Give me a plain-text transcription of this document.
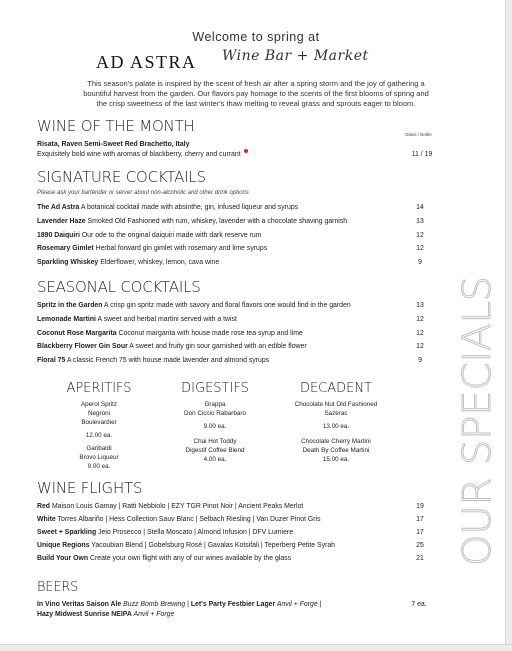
Welcome to spring at
AD ASTRA Wine Bar + Market
This season's palate is inspired by the scent of fresh air after a spring storm and the joy of gathering a
bountiful harvest from the garden. Our flavors pay homage to the scents of the first blooms of spring and
the crisp sweetness of the last winter's thaw melting to reveal grass and sprouts eager to bloom.
WINE OF THE MONTH	Glass / Bottle
Risata, Raven Semi-Sweet Red Brachetto, Italy
Exquisitely bold wine with aromas of blackberry, cherry and currant	11 / 19
SIGNATURE COCKTAILS
Please ask your bartender or server about non-alcoholic and other drink options
The Ad Astra A botanical cocktail made with absinthe, gin, infused liqueur and syrups	14
Lavender Haze Smoked Old Fashioned with rum, whiskey, lavender with a chocolate shaving garnish	13
1890 Daiquiri Our ode to the original daiquiri made with dark reserve rum	12
Rosemary Gimlet Herbal forward gin gimlet with rosemary and lime syrups	12
Sparkling Whiskey Elderflower, whiskey, lemon, cava wine	9
SEASONAL COCKTAILS
Spritz in the Garden A crisp gin spritz made with savory and floral flavors one would find in the garden	13
Lemonade Martini A sweet and herbal martini served with a twist	12
Coconut Rose Margarita Coconut margarita with house made rose tea syrup and lime	12
Blackberry Flower Gin Sour A sweet and fruity gin sour garnished with an edible flower	12
Floral 75 A classic French 75 with house made lavender and almond syrups	9
APERITIFS
Aperol Spritz
Negroni
Boulevardier
12.00 ea.
Garibaldi
Brovo Liqueur
9.00 ea.
DIGESTIFS
Grappa
Don Ciccio Rabarbaro
9.00 ea.
Chai Hot Toddy
Digestif Coffee Blend
4.00 ea.
DECADENT
Chocolate Nut Old Fashioned
Sazerac
13.00 ea.
Chocolate Cherry Martini
Death By Coffee Martini
15.00 ea.
WINE FLIGHTS
Red Maison Louis Gamay | Ratti Nebbiolo | EZY TGR Pinot Noir | Ancient Peaks Merlot	19
White Torres Albariño | Hess Collection Sauv Blanc | Selbach Riesling | Van Duzer Pinot Gris	17
Sweet + Sparkling Jeio Prosecco | Stella Moscato | Almond Infusion | DFV Lumiere	17
Unique Regions Yacoubian Blend | Gobelsburg Rosé | Gavalas Kotsifali | Teperberg Petite Syrah	25
Build Your Own Create your own flight with any of our wines available by the glass	21
BEERS
In Vino Veritas Saison Ale Buzz Bomb Brewing | Let's Party Festbier Lager Anvil + Forge |
Hazy Midwest Sunrise NEIPA Anvil + Forge
7 ea.
OUR SPECIALS
